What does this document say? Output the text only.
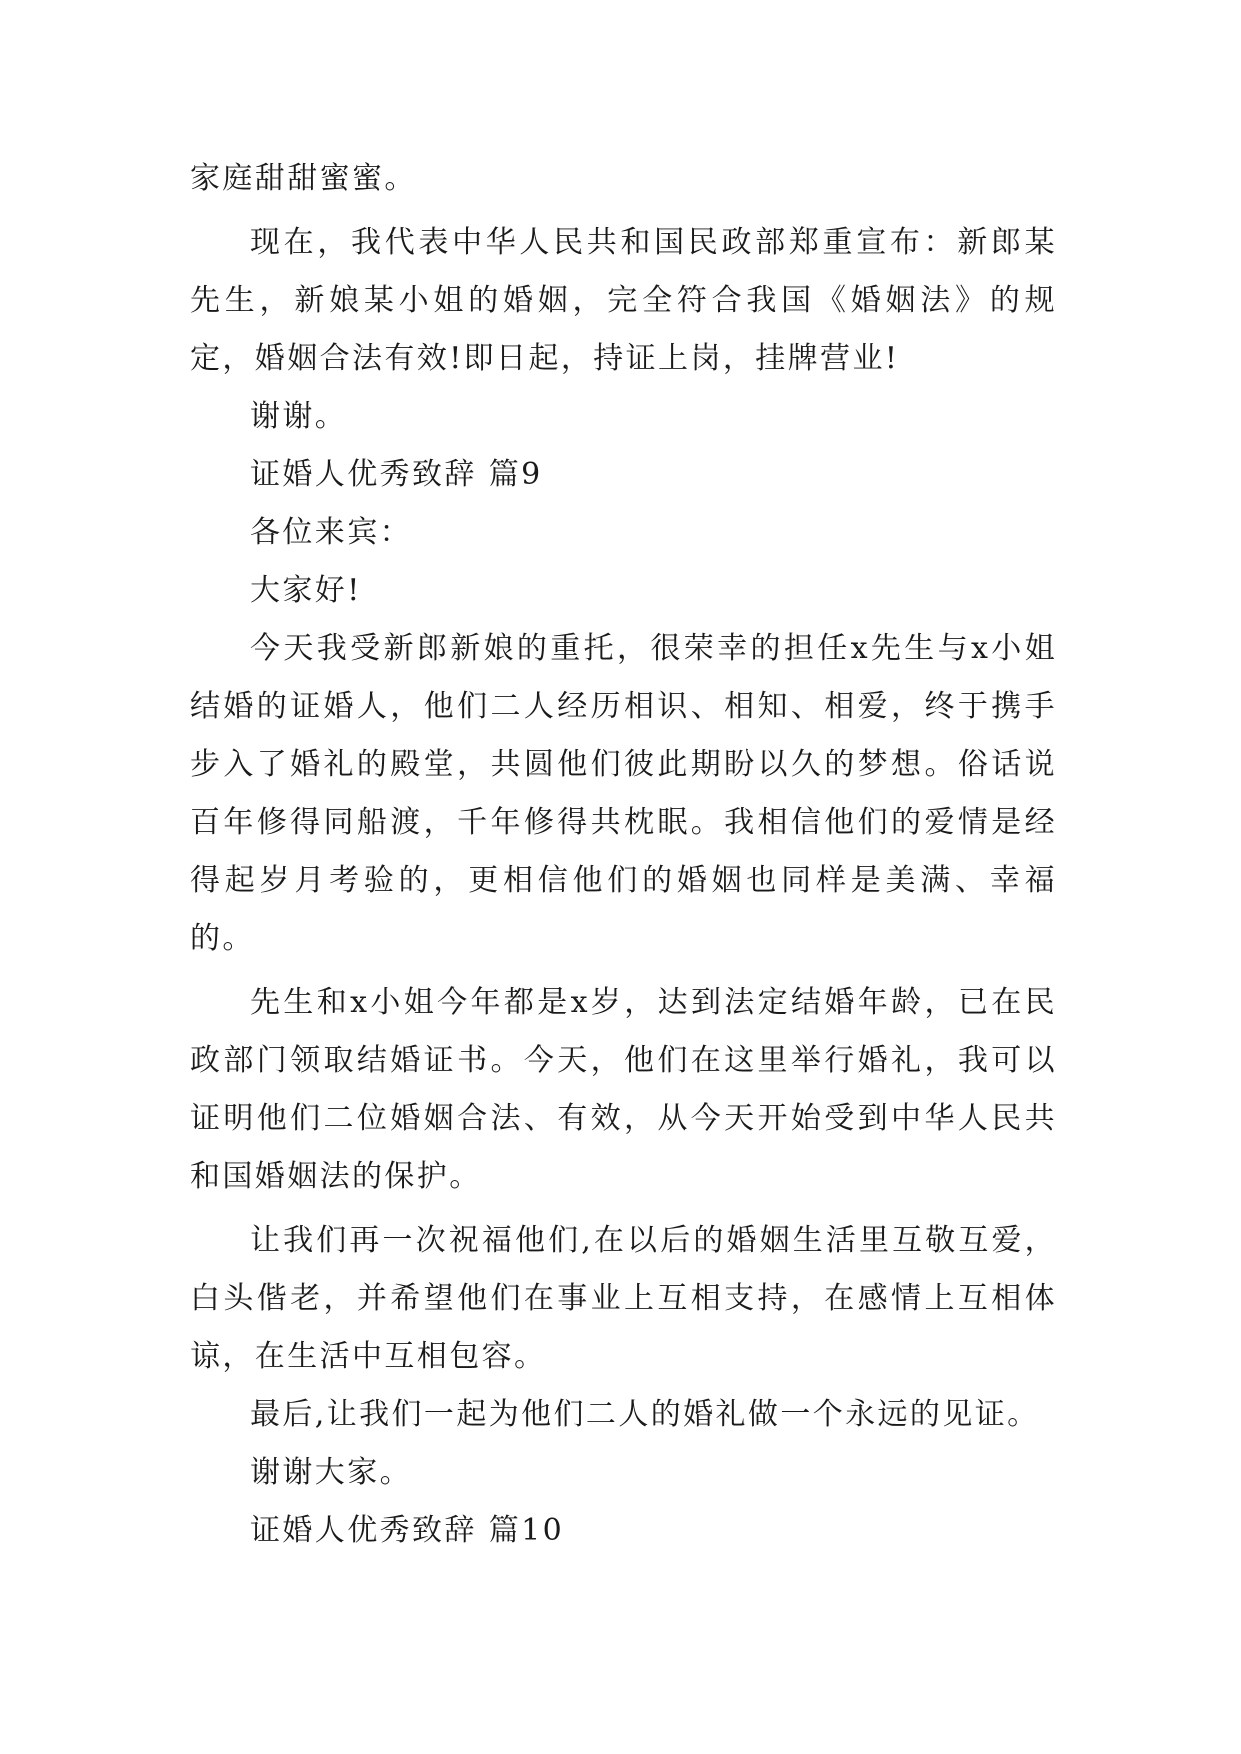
家庭甜甜蜜蜜。

现在，我代表中华人民共和国民政部郑重宣布：新郎某先生，新娘某小姐的婚姻，完全符合我国《婚姻法》的规定，婚姻合法有效!即日起，持证上岗，挂牌营业!

谢谢。

证婚人优秀致辞 篇9

各位来宾：

大家好!

今天我受新郎新娘的重托，很荣幸的担任x先生与x小姐结婚的证婚人，他们二人经历相识、相知、相爱，终于携手步入了婚礼的殿堂，共圆他们彼此期盼以久的梦想。俗话说百年修得同船渡，千年修得共枕眠。我相信他们的爱情是经得起岁月考验的，更相信他们的婚姻也同样是美满、幸福的。

先生和x小姐今年都是x岁，达到法定结婚年龄，已在民政部门领取结婚证书。今天，他们在这里举行婚礼，我可以证明他们二位婚姻合法、有效，从今天开始受到中华人民共和国婚姻法的保护。

让我们再一次祝福他们,在以后的婚姻生活里互敬互爱，白头偕老，并希望他们在事业上互相支持，在感情上互相体谅，在生活中互相包容。

最后,让我们一起为他们二人的婚礼做一个永远的见证。

谢谢大家。

证婚人优秀致辞 篇10
